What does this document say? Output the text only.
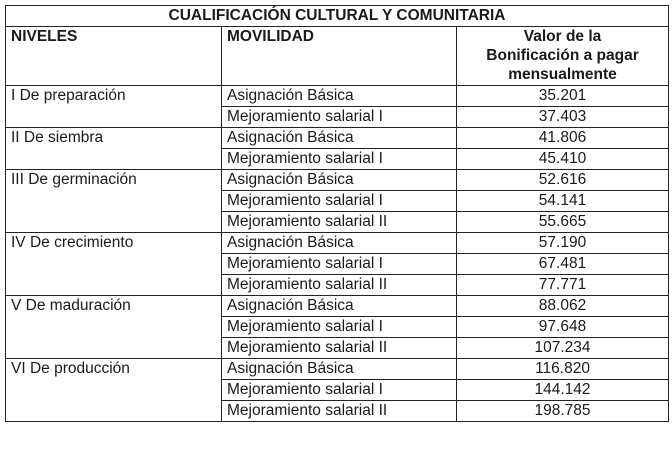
CUALIFICACIÓN CULTURAL Y COMUNITARIA		
NIVELES	MOVILIDAD	Valor de la
Bonificación a pagar
mensualmente

I De preparación	Asignación Básica	35.201
	Mejoramiento salarial I	37.403
II De siembra	Asignación Básica	41.806
	Mejoramiento salarial I	45.410
III De germinación	Asignación Básica	52.616
	Mejoramiento salarial I	54.141
	Mejoramiento salarial II	55.665
IV De crecimiento	Asignación Básica	57.190
	Mejoramiento salarial I	67.481
	Mejoramiento salarial II	77.771
V De maduración	Asignación Básica	88.062
	Mejoramiento salarial I	97.648
	Mejoramiento salarial II	107.234
VI De producción	Asignación Básica	116.820
	Mejoramiento salarial I	144.142
	Mejoramiento salarial II	198.785
